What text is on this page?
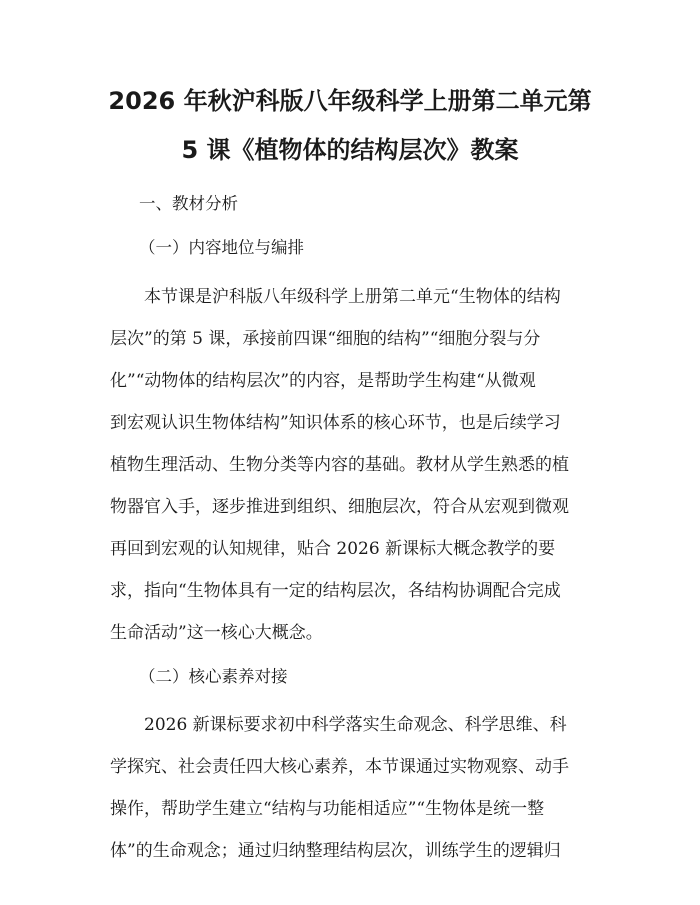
2026 年秋沪科版八年级科学上册第二单元第
5 课《植物体的结构层次》教案
一、教材分析
（一）内容地位与编排
本节课是沪科版八年级科学上册第二单元“生物体的结构
层次”的第 5 课，承接前四课“细胞的结构”“细胞分裂与分
化”“动物体的结构层次”的内容，是帮助学生构建“从微观
到宏观认识生物体结构”知识体系的核心环节，也是后续学习
植物生理活动、生物分类等内容的基础。教材从学生熟悉的植
物器官入手，逐步推进到组织、细胞层次，符合从宏观到微观
再回到宏观的认知规律，贴合 2026 新课标大概念教学的要
求，指向“生物体具有一定的结构层次，各结构协调配合完成
生命活动”这一核心大概念。
（二）核心素养对接
2026 新课标要求初中科学落实生命观念、科学思维、科
学探究、社会责任四大核心素养，本节课通过实物观察、动手
操作，帮助学生建立“结构与功能相适应”“生物体是统一整
体”的生命观念；通过归纳整理结构层次，训练学生的逻辑归
